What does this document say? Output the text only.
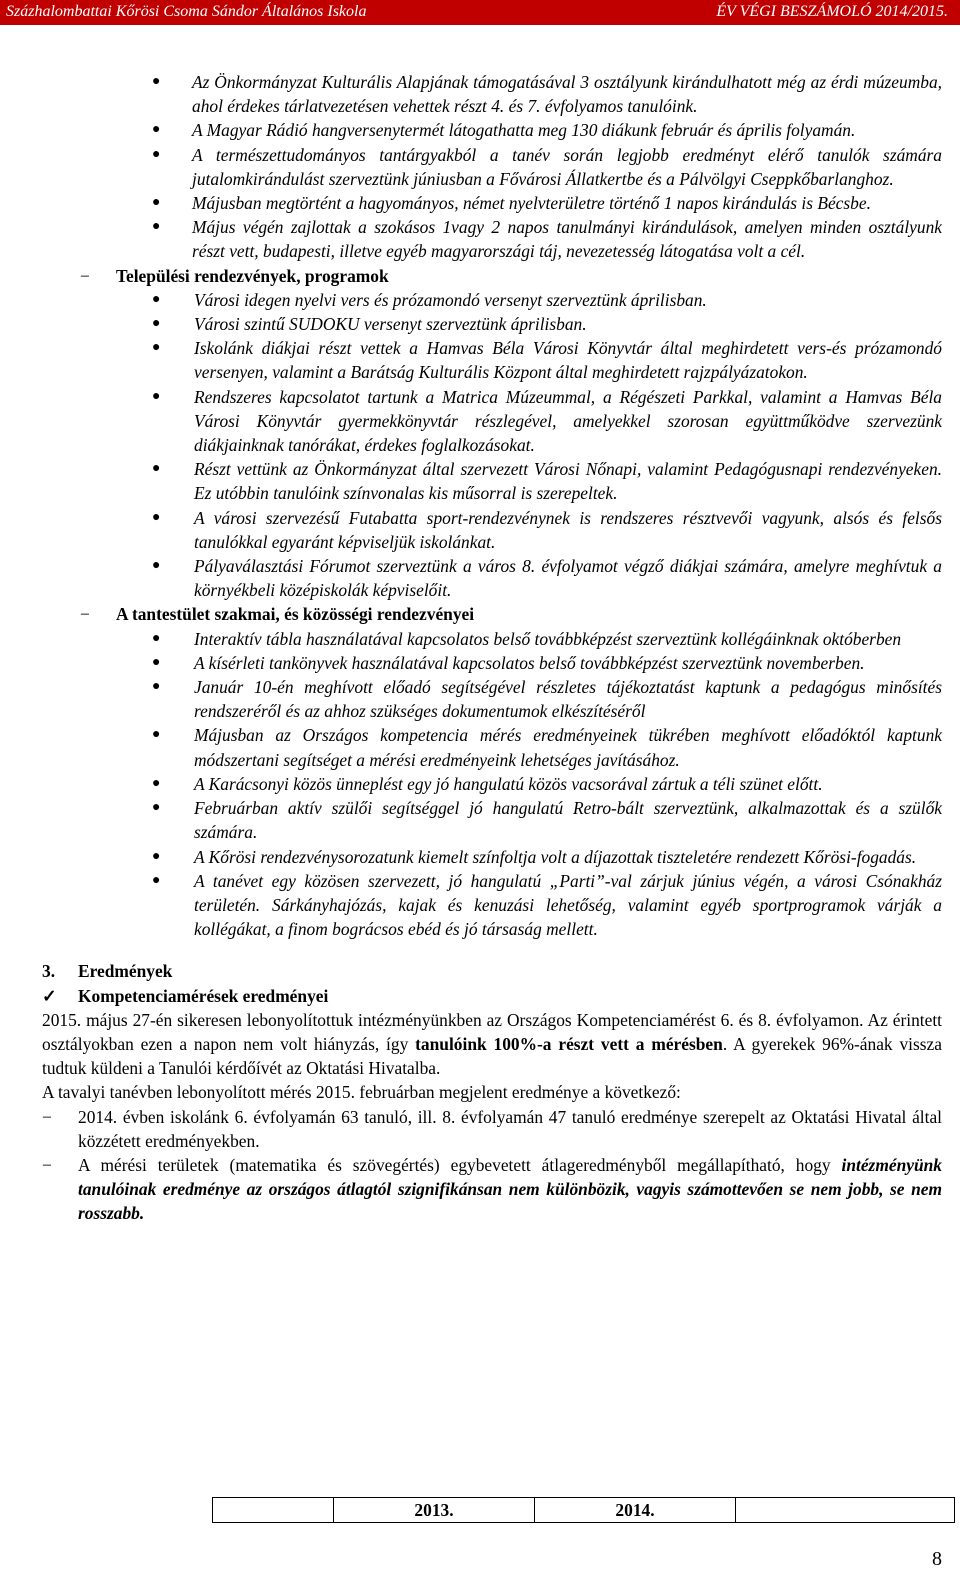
Százhalombattai Kőrösi Csoma Sándor Általános Iskola	ÉV VÉGI BESZÁMOLÓ 2014/2015.
● Az Önkormányzat Kulturális Alapjának támogatásával 3 osztályunk kirándulhatott még az érdi múzeumba, ahol érdekes tárlatvezetésen vehettek részt 4. és 7. évfolyamos tanulóink.
● A Magyar Rádió hangversenytermét látogathatta meg 130 diákunk február és április folyamán.
● A természettudományos tantárgyakból a tanév során legjobb eredményt elérő tanulók számára jutalomkirándulást szerveztünk júniusban a Fővárosi Állatkertbe és a Pálvölgyi Cseppkőbarlanghoz.
● Májusban megtörtént a hagyományos, német nyelvterületre történő 1 napos kirándulás is Bécsbe.
● Május végén zajlottak a szokásos 1vagy 2 napos tanulmányi kirándulások, amelyen minden osztályunk részt vett, budapesti, illetve egyéb magyarországi táj, nevezetesség látogatása volt a cél.
− Települési rendezvények, programok
● Városi idegen nyelvi vers és prózamondó versenyt szerveztünk áprilisban.
● Városi szintű SUDOKU versenyt szerveztünk áprilisban.
● Iskolánk diákjai részt vettek a Hamvas Béla Városi Könyvtár által meghirdetett vers-és prózamondó versenyen, valamint a Barátság Kulturális Központ által meghirdetett rajzpályázatokon.
● Rendszeres kapcsolatot tartunk a Matrica Múzeummal, a Régészeti Parkkal, valamint a Hamvas Béla Városi Könyvtár gyermekkönyvtár részlegével, amelyekkel szorosan együttműködve szervezünk diákjainknak tanórákat, érdekes foglalkozásokat.
● Részt vettünk az Önkormányzat által szervezett Városi Nőnapi, valamint Pedagógusnapi rendezvényeken. Ez utóbbin tanulóink színvonalas kis műsorral is szerepeltek.
● A városi szervezésű Futabatta sport-rendezvénynek is rendszeres résztvevői vagyunk, alsós és felsős tanulókkal egyaránt képviseljük iskolánkat.
● Pályaválasztási Fórumot szerveztünk a város 8. évfolyamot végző diákjai számára, amelyre meghívtuk a környékbeli középiskolák képviselőit.
− A tantestület szakmai, és közösségi rendezvényei
● Interaktív tábla használatával kapcsolatos belső továbbképzést szerveztünk kollégáinknak októberben
● A kísérleti tankönyvek használatával kapcsolatos belső továbbképzést szerveztünk novemberben.
● Január 10-én meghívott előadó segítségével részletes tájékoztatást kaptunk a pedagógus minősítés rendszeréről és az ahhoz szükséges dokumentumok elkészítéséről
● Májusban az Országos kompetencia mérés eredményeinek tükrében meghívott előadóktól kaptunk módszertani segítséget a mérési eredményeink lehetséges javításához.
● A Karácsonyi közös ünneplést egy jó hangulatú közös vacsorával zártuk a téli szünet előtt.
● Februárban aktív szülői segítséggel jó hangulatú Retro-bált szerveztünk, alkalmazottak és a szülők számára.
● A Kőrösi rendezvénysorozatunk kiemelt színfoltja volt a díjazottak tiszteletére rendezett Kőrösi-fogadás.
● A tanévet egy közösen szervezett, jó hangulatú „Parti”-val zárjuk június végén, a városi Csónakház területén. Sárkányhajózás, kajak és kenuzási lehetőség, valamint egyéb sportprogramok várják a kollégákat, a finom bográcsos ebéd és jó társaság mellett.
3. Eredmények
✓ Kompetenciamérések eredményei

2015. május 27-én sikeresen lebonyolítottuk intézményünkben az Országos Kompetenciamérést 6. és 8. évfolyamon. Az érintett osztályokban ezen a napon nem volt hiányzás, így tanulóink 100%-a részt vett a mérésben. A gyerekek 96%-ának vissza tudtuk küldeni a Tanulói kérdőívét az Oktatási Hivatalba.

A tavalyi tanévben lebonyolított mérés 2015. februárban megjelent eredménye a következő:

− 2014. évben iskolánk 6. évfolyamán 63 tanuló, ill. 8. évfolyamán 47 tanuló eredménye szerepelt az Oktatási Hivatal által közzétett eredményekben.
− A mérési területek (matematika és szövegértés) egybevetett átlageredményből megállapítható, hogy intézményünk tanulóinak eredménye az országos átlagtól szignifikánsan nem különbözik, vagyis számottevően se nem jobb, se nem rosszabb.
	2013.	2014.	
8
